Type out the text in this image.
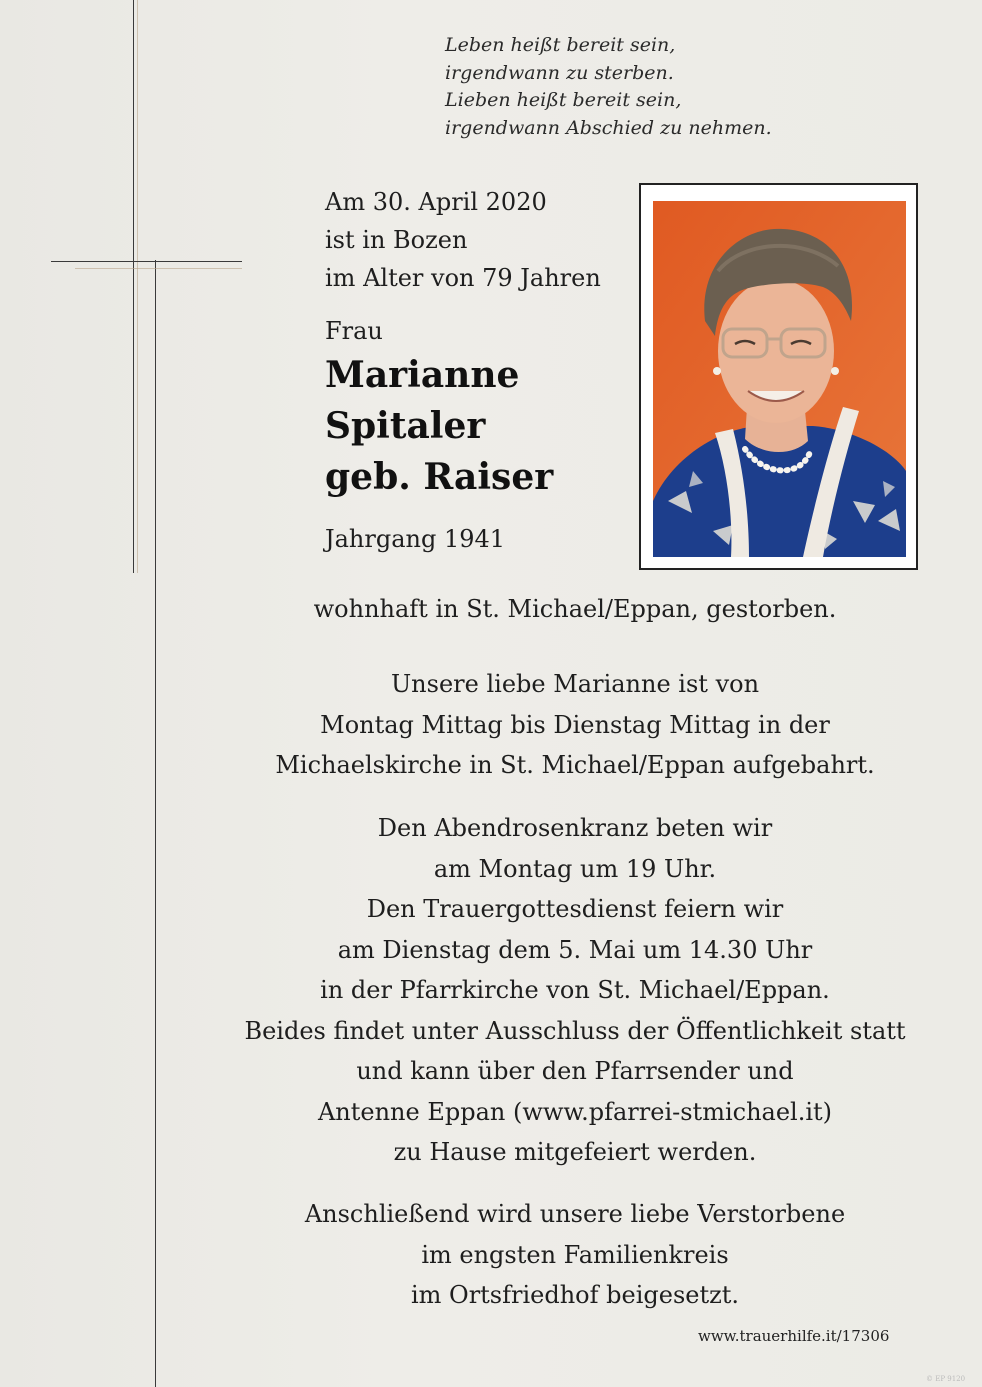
Leben heißt bereit sein,
irgendwann zu sterben.
Lieben heißt bereit sein,
irgendwann Abschied zu nehmen.
Am 30. April 2020
ist in Bozen
im Alter von 79 Jahren
Frau
Marianne
Spitaler
geb. Raiser
Jahrgang 1941
wohnhaft in St. Michael/Eppan, gestorben.
Unsere liebe Marianne ist von
Montag Mittag bis Dienstag Mittag in der
Michaelskirche in St. Michael/Eppan aufgebahrt.
Den Abendrosenkranz beten wir
am Montag um 19 Uhr.
Den Trauergottesdienst feiern wir
am Dienstag dem 5. Mai um 14.30 Uhr
in der Pfarrkirche von St. Michael/Eppan.
Beides findet unter Ausschluss der Öffentlichkeit statt
und kann über den Pfarrsender und
Antenne Eppan (www.pfarrei-stmichael.it)
zu Hause mitgefeiert werden.
Anschließend wird unsere liebe Verstorbene
im engsten Familienkreis
im Ortsfriedhof beigesetzt.
www.trauerhilfe.it/17306
© EP 9120
